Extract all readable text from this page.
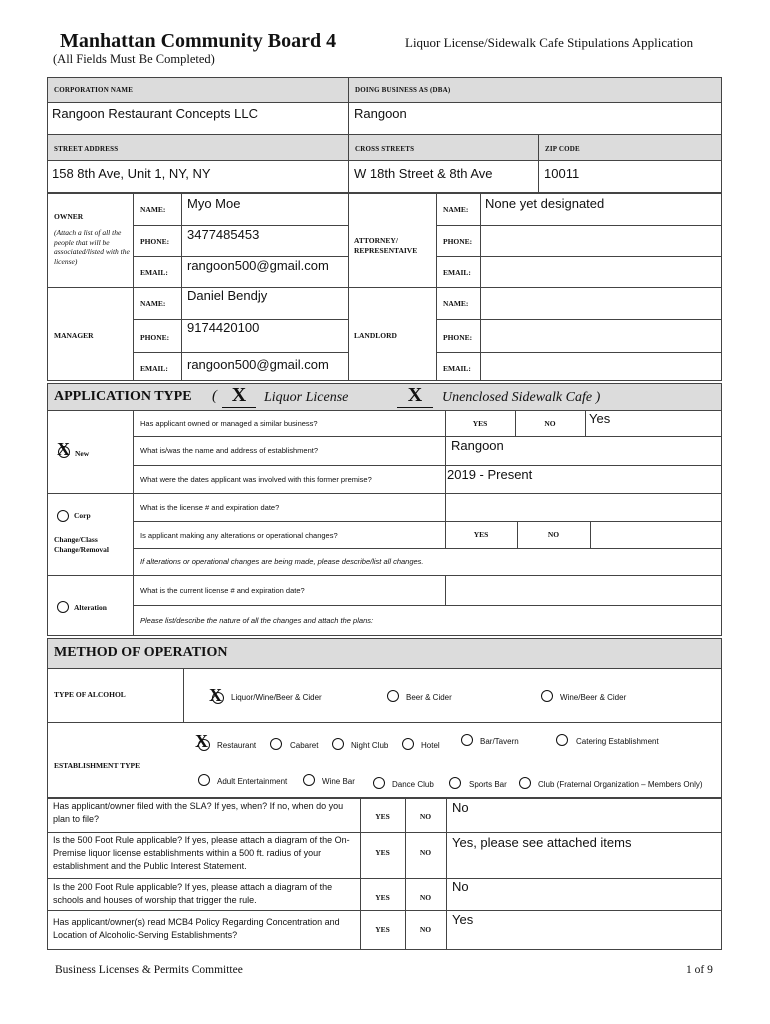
Manhattan Community Board 4	Liquor License/Sidewalk Cafe Stipulations Application
(All Fields Must Be Completed)
CORPORATION NAME
Rangoon Restaurant Concepts LLC
DOING BUSINESS AS (DBA)
Rangoon
STREET ADDRESS
158 8th Ave, Unit 1, NY, NY
CROSS STREETS
W 18th Street & 8th Ave
ZIP CODE
10011
OWNER
(Attach a list of all the people that will be associated/listed with the license)
NAME: Myo Moe
PHONE: 3477485453
EMAIL: rangoon500@gmail.com
ATTORNEY/ REPRESENTAIVE
NAME: None yet designated
PHONE:
EMAIL:
MANAGER
NAME:
Daniel Bendjy
PHONE:
9174420100
EMAIL: rangoon500@gmail.com
LANDLORD
NAME:
PHONE:
EMAIL:
APPLICATION TYPE ( X	Liquor License	X	Unenclosed Sidewalk Cafe )
X New
Has applicant owned or managed a similar business?	YES	NO	Yes
What is/was the name and address of establishment?	Rangoon
What were the dates applicant was involved with this former premise?	2019 - Present
Corp
Change/Class Change/Removal
What is the license # and expiration date?
Is applicant making any alterations or operational changes?	YES	NO
If alterations or operational changes are being made, please describe/list all changes.
Alteration
What is the current license # and expiration date?
Please list/describe the nature of all the changes and attach the plans:
METHOD OF OPERATION
TYPE OF ALCOHOL	X Liquor/Wine/Beer & Cider	Beer & Cider	Wine/Beer & Cider
ESTABLISHMENT TYPE
X Restaurant	Cabaret	Night Club	Hotel	Bar/Tavern	Catering Establishment
Adult Entertainment	Wine Bar	Dance Club	Sports Bar	Club (Fraternal Organization – Members Only)
Has applicant/owner filed with the SLA? If yes, when? If no, when do you plan to file?	YES	NO
No
Is the 500 Foot Rule applicable? If yes, please attach a diagram of the On-Premise liquor license establishments within a 500 ft. radius of your establishment and the Public Interest Statement.
YES	NO
Yes, please see attached items
Is the 200 Foot Rule applicable? If yes, please attach a diagram of the schools and houses of worship that trigger the rule.	YES	NO
No
Has applicant/owner(s) read MCB4 Policy Regarding Concentration and Location of Alcoholic-Serving Establishments?
YES	NO
Yes
Business Licenses & Permits Committee	1 of 9
